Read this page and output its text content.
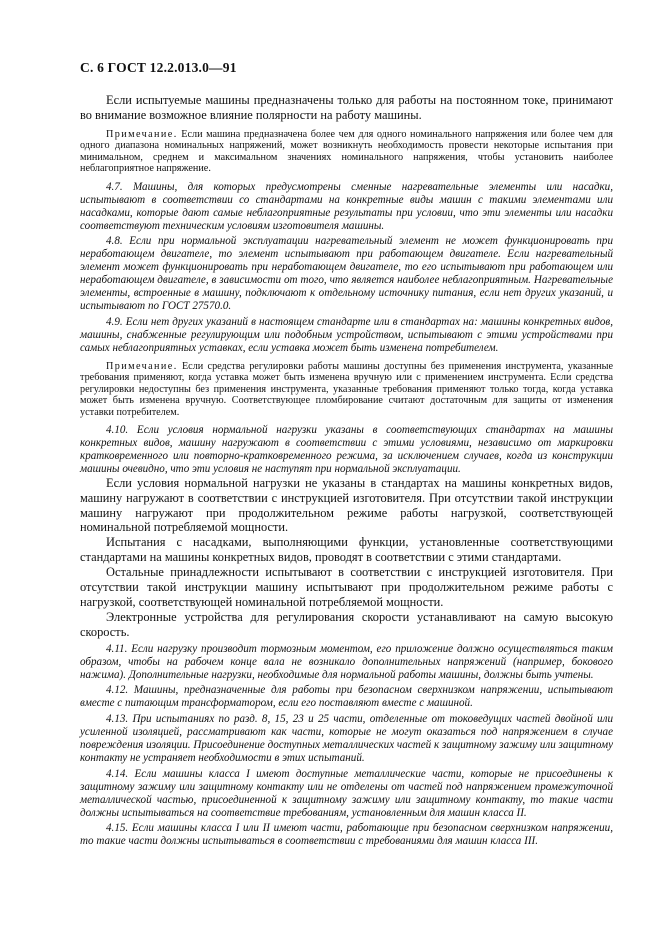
С. 6 ГОСТ 12.2.013.0—91

Если испытуемые машины предназначены только для работы на постоянном токе, принимают во внимание возможное влияние полярности на работу машины.

Примечание. Если машина предназначена более чем для одного номинального напряжения или более чем для одного диапазона номинальных напряжений, может возникнуть необходимость провести некоторые испытания при минимальном, среднем и максимальном значениях номинального напряжения, чтобы установить наиболее неблагоприятное напряжение.

4.7. Машины, для которых предусмотрены сменные нагревательные элементы или насадки, испытывают в соответствии со стандартами на конкретные виды машин с такими элементами или насадками, которые дают самые неблагоприятные результаты при условии, что эти элементы или насадки соответствуют техническим условиям изготовителя машины.

4.8. Если при нормальной эксплуатации нагревательный элемент не может функционировать при неработающем двигателе, то элемент испытывают при работающем двигателе. Если нагревательный элемент может функционировать при неработающем двигателе, то его испытывают при работающем или неработающем двигателе, в зависимости от того, что является наиболее неблагоприятным. Нагревательные элементы, встроенные в машину, подключают к отдельному источнику питания, если нет других указаний, и испытывают по ГОСТ 27570.0.

4.9. Если нет других указаний в настоящем стандарте или в стандартах на: машины конкретных видов, машины, снабженные регулирующим или подобным устройством, испытывают с этими устройствами при самых неблагоприятных уставках, если уставка может быть изменена потребителем.

Примечание. Если средства регулировки работы машины доступны без применения инструмента, указанные требования применяют, когда уставка может быть изменена вручную или с применением инструмента. Если средства регулировки недоступны без применения инструмента, указанные требования применяют только тогда, когда уставка может быть изменена вручную. Соответствующее пломбирование считают достаточным для защиты от изменения уставки потребителем.

4.10. Если условия нормальной нагрузки указаны в соответствующих стандартах на машины конкретных видов, машину нагружают в соответствии с этими условиями, независимо от маркировки кратковременного или повторно-кратковременного режима, за исключением случаев, когда из конструкции машины очевидно, что эти условия не наступят при нормальной эксплуатации.

Если условия нормальной нагрузки не указаны в стандартах на машины конкретных видов, машину нагружают в соответствии с инструкцией изготовителя. При отсутствии такой инструкции машину нагружают при продолжительном режиме работы нагрузкой, соответствующей номинальной потребляемой мощности.

Испытания с насадками, выполняющими функции, установленные соответствующими стандартами на машины конкретных видов, проводят в соответствии с этими стандартами.

Остальные принадлежности испытывают в соответствии с инструкцией изготовителя. При отсутствии такой инструкции машину испытывают при продолжительном режиме работы с нагрузкой, соответствующей номинальной потребляемой мощности.

Электронные устройства для регулирования скорости устанавливают на самую высокую скорость.

4.11. Если нагрузку производит тормозным моментом, его приложение должно осуществляться таким образом, чтобы на рабочем конце вала не возникало дополнительных напряжений (например, бокового нажима). Дополнительные нагрузки, необходимые для нормальной работы машины, должны быть учтены.

4.12. Машины, предназначенные для работы при безопасном сверхнизком напряжении, испытывают вместе с питающим трансформатором, если его поставляют вместе с машиной.

4.13. При испытаниях по разд. 8, 15, 23 и 25 части, отделенные от токоведущих частей двойной или усиленной изоляцией, рассматривают как части, которые не могут оказаться под напряжением в случае повреждения изоляции. Присоединение доступных металлических частей к защитному зажиму или защитному контакту не устраняет необходимости в этих испытаний.

4.14. Если машины класса I имеют доступные металлические части, которые не присоединены к защитному зажиму или защитному контакту или не отделены от частей под напряжением промежуточной металлической частью, присоединенной к защитному зажиму или защитному контакту, то такие части должны испытываться на соответствие требованиям, установленным для машин класса II.

4.15. Если машины класса I или II имеют части, работающие при безопасном сверхнизком напряжении, то такие части должны испытываться в соответствии с требованиями для машин класса III.
